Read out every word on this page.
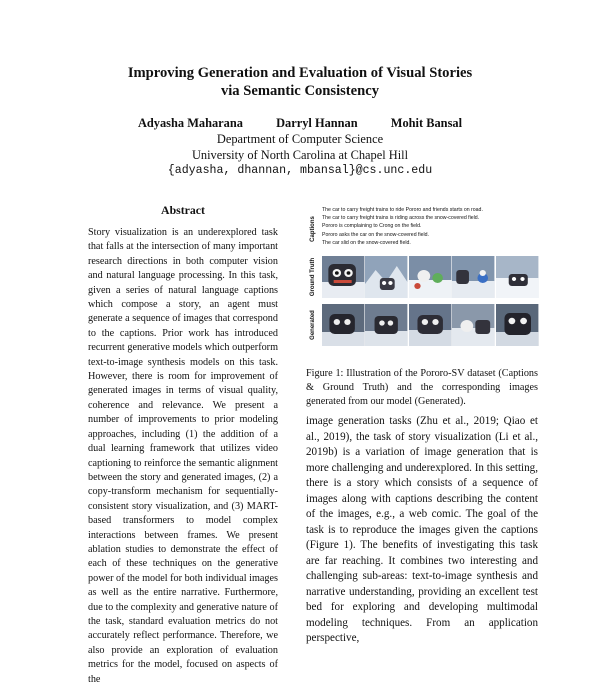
Improving Generation and Evaluation of Visual Stories
via Semantic Consistency
Adyasha Maharana	Darryl Hannan	Mohit Bansal
Department of Computer Science
University of North Carolina at Chapel Hill
{adyasha, dhannan, mbansal}@cs.unc.edu
Abstract
Story visualization is an underexplored task that falls at the intersection of many important research directions in both computer vision and natural language processing. In this task, given a series of natural language captions which compose a story, an agent must generate a sequence of images that correspond to the captions. Prior work has introduced recurrent generative models which outperform text-to-image synthesis models on this task. However, there is room for improvement of generated images in terms of visual quality, coherence and relevance. We present a number of improvements to prior modeling approaches, including (1) the addition of a dual learning framework that utilizes video captioning to reinforce the semantic alignment between the story and generated images, (2) a copy-transform mechanism for sequentially-consistent story visualization, and (3) MART-based transformers to model complex interactions between frames. We present ablation studies to demonstrate the effect of each of these techniques on the generative power of the model for both individual images as well as the entire narrative. Furthermore, due to the complexity and generative nature of the task, standard evaluation metrics do not accurately reflect performance. Therefore, we also provide an exploration of evaluation metrics for the model, focused on aspects of the
Captions
The car to carry freight trains to ride Pororo and friends starts on road.
The car to carry freight trains is riding across the snow-covered field.
Pororo is complaining to Crong on the field.
Pororo asks the car on the snow-covered field.
The car slid on the snow-covered field.
Ground Truth
Generated
Figure 1: Illustration of the Pororo-SV dataset (Captions & Ground Truth) and the corresponding images generated from our model (Generated).
image generation tasks (Zhu et al., 2019; Qiao et al., 2019), the task of story visualization (Li et al., 2019b) is a variation of image generation that is more challenging and underexplored. In this setting, there is a story which consists of a sequence of images along with captions describing the content of the images, e.g., a web comic. The goal of the task is to reproduce the images given the captions (Figure 1). The benefits of investigating this task are far reaching. It combines two interesting and challenging sub-areas: text-to-image synthesis and narrative understanding, providing an excellent test bed for exploring and developing multimodal modeling techniques. From an application perspective,
